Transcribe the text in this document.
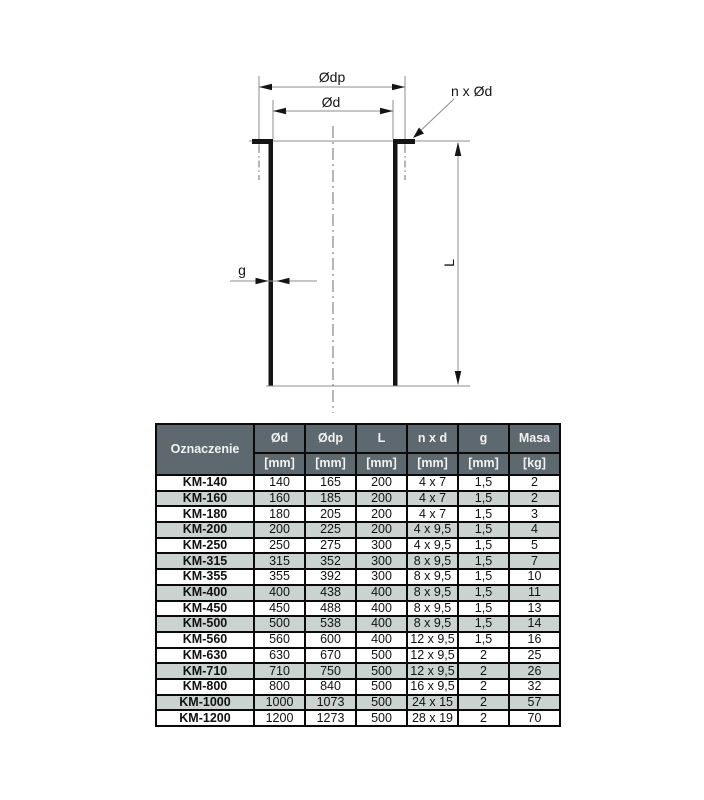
Ødp
Ød
n x Ød
g	L
Oznaczenie	Ød	Ødp	L	n x d	g	Masa
	[mm]	[mm]	[mm]	[mm]	[mm]	[kg]
KM-140	140	165	200	4 x 7	1,5	2
KM-160	160	185	200	4 x 7	1,5	2
KM-180	180	205	200	4 x 7	1,5	3
KM-200	200	225	200	4 x 9,5	1,5	4
KM-250	250	275	300	4 x 9,5	1,5	5
KM-315	315	352	300	8 x 9,5	1,5	7
KM-355	355	392	300	8 x 9,5	1,5	10
KM-400	400	438	400	8 x 9,5	1,5	11
KM-450	450	488	400	8 x 9,5	1,5	13
KM-500	500	538	400	8 x 9,5	1,5	14
KM-560	560	600	400	12 x 9,5	1,5	16
KM-630	630	670	500	12 x 9,5	2	25
KM-710	710	750	500	12 x 9,5	2	26
KM-800	800	840	500	16 x 9,5	2	32
KM-1000	1000	1073	500	24 x 15	2	57
KM-1200	1200	1273	500	28 x 19	2	70
